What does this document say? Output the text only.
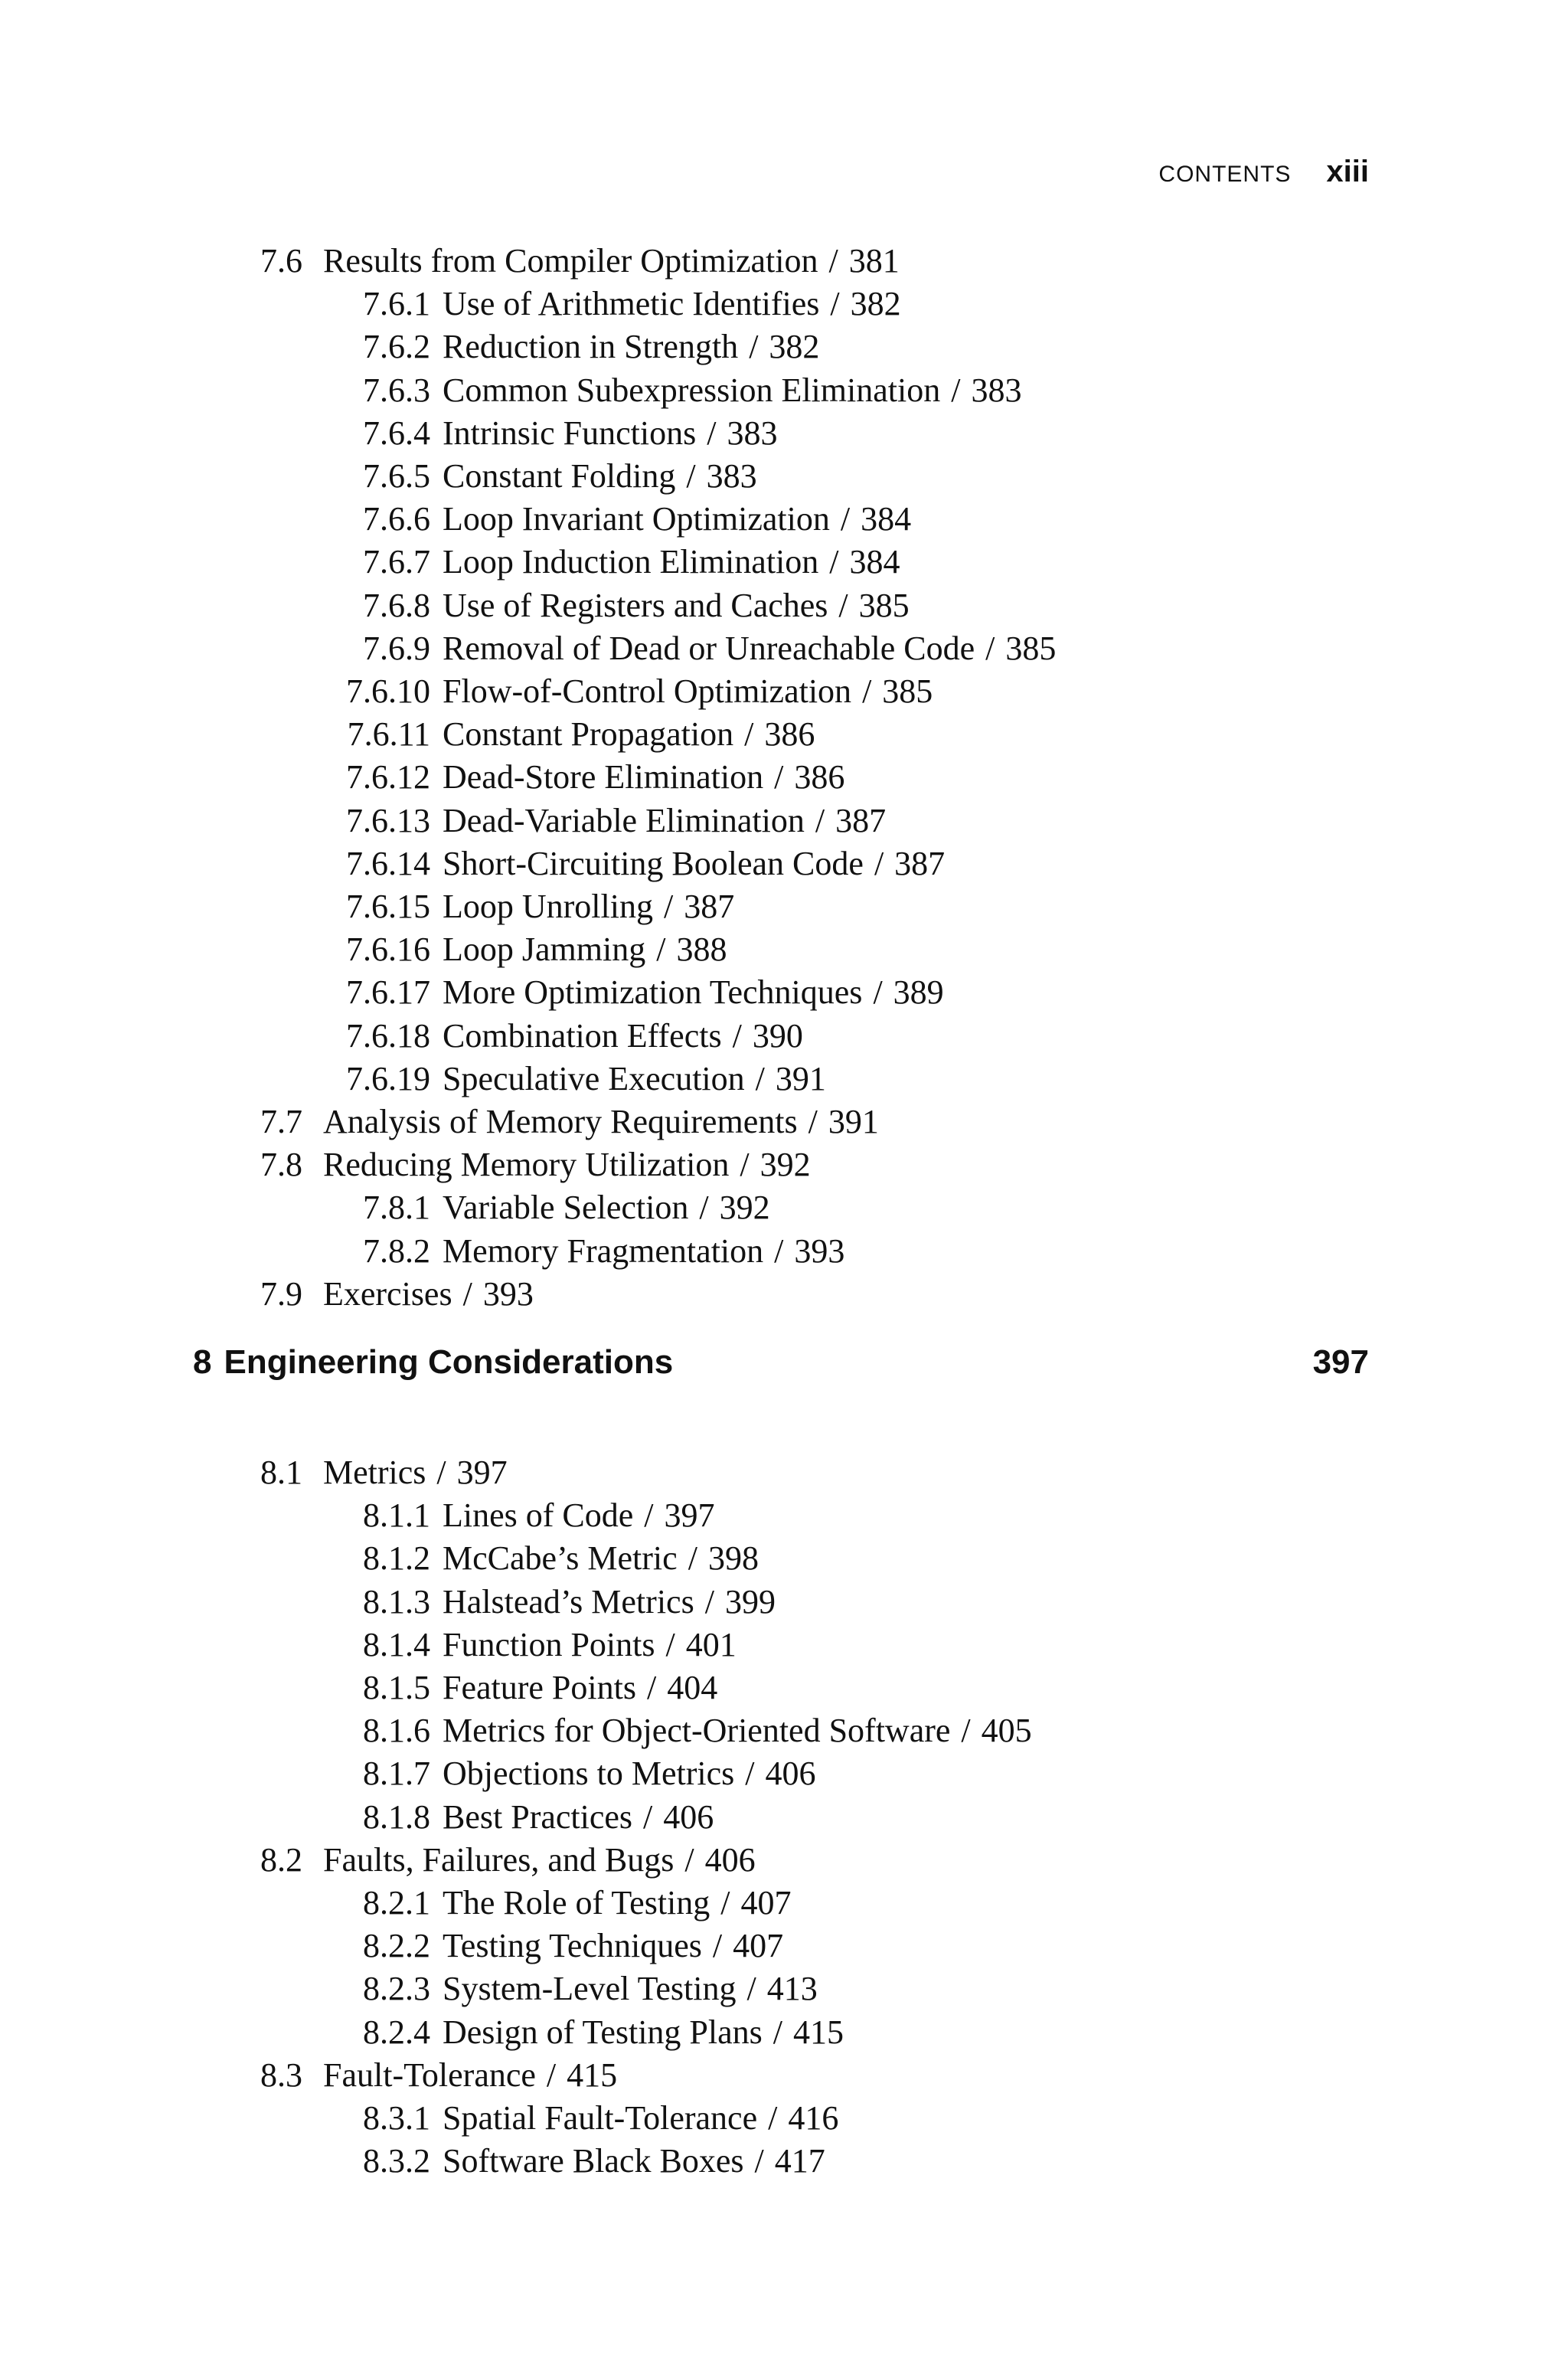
CONTENTS xiii
7.6 Results from Compiler Optimization / 381
7.6.1 Use of Arithmetic Identifies / 382
7.6.2 Reduction in Strength / 382
7.6.3 Common Subexpression Elimination / 383
7.6.4 Intrinsic Functions / 383
7.6.5 Constant Folding / 383
7.6.6 Loop Invariant Optimization / 384
7.6.7 Loop Induction Elimination / 384
7.6.8 Use of Registers and Caches / 385
7.6.9 Removal of Dead or Unreachable Code / 385
7.6.10 Flow-of-Control Optimization / 385
7.6.11 Constant Propagation / 386
7.6.12 Dead-Store Elimination / 386
7.6.13 Dead-Variable Elimination / 387
7.6.14 Short-Circuiting Boolean Code / 387
7.6.15 Loop Unrolling / 387
7.6.16 Loop Jamming / 388
7.6.17 More Optimization Techniques / 389
7.6.18 Combination Effects / 390
7.6.19 Speculative Execution / 391
7.7 Analysis of Memory Requirements / 391
7.8 Reducing Memory Utilization / 392
7.8.1 Variable Selection / 392
7.8.2 Memory Fragmentation / 393
7.9 Exercises / 393
8 Engineering Considerations	397
8.1 Metrics / 397
8.1.1 Lines of Code / 397
8.1.2 McCabe’s Metric / 398
8.1.3 Halstead’s Metrics / 399
8.1.4 Function Points / 401
8.1.5 Feature Points / 404
8.1.6 Metrics for Object-Oriented Software / 405
8.1.7 Objections to Metrics / 406
8.1.8 Best Practices / 406
8.2 Faults, Failures, and Bugs / 406
8.2.1 The Role of Testing / 407
8.2.2 Testing Techniques / 407
8.2.3 System-Level Testing / 413
8.2.4 Design of Testing Plans / 415
8.3 Fault-Tolerance / 415
8.3.1 Spatial Fault-Tolerance / 416
8.3.2 Software Black Boxes / 417
